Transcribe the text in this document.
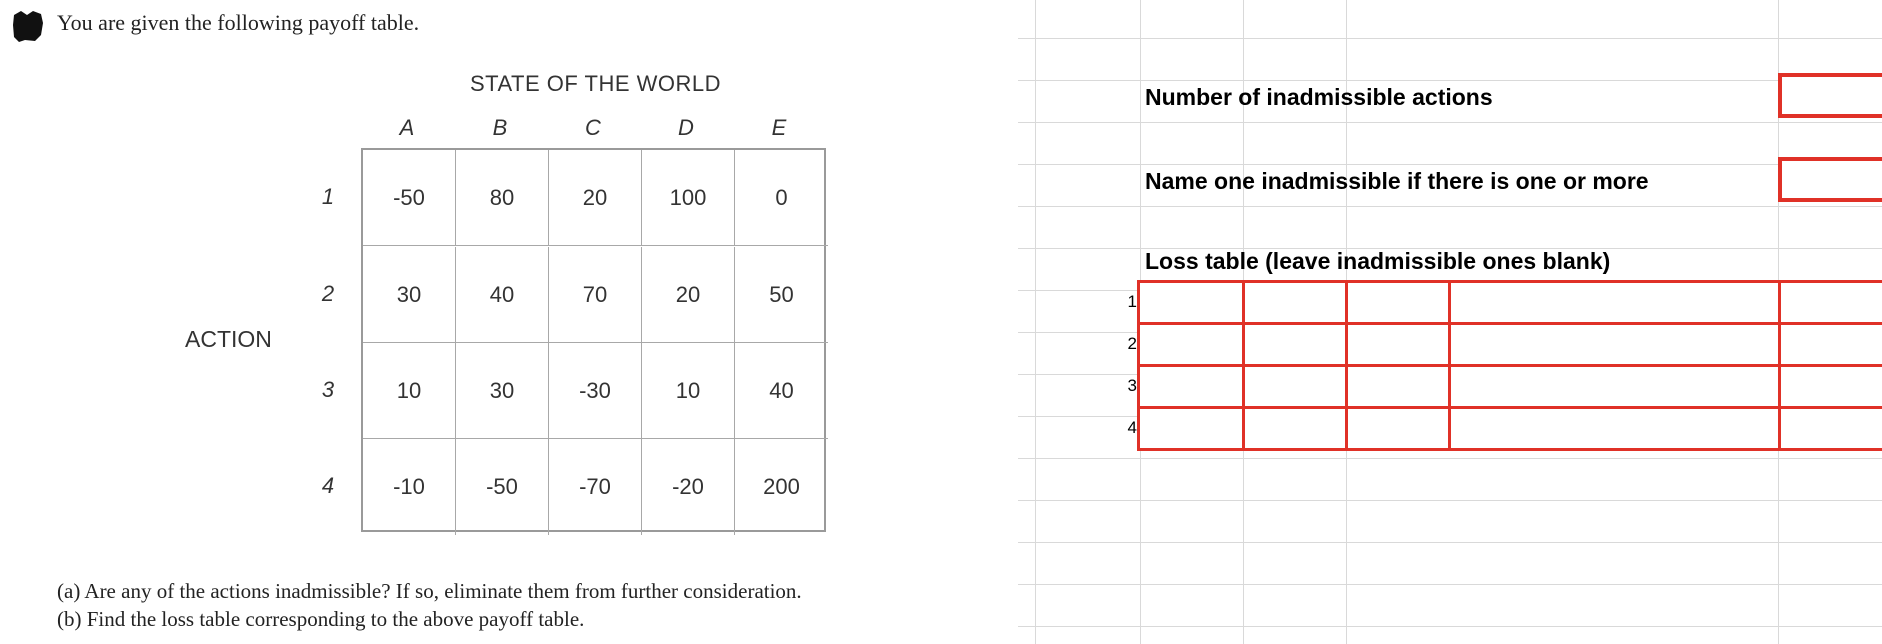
You are given the following payoff table.
STATE OF THE WORLD
A	B	C	D	E
1
2
3
4
ACTION
-50	80	20	100	0
30	40	70	20	50
10	30	-30	10	40
-10	-50	-70	-20	200
(a) Are any of the actions inadmissible? If so, eliminate them from further consideration.
(b) Find the loss table corresponding to the above payoff table.
Number of inadmissible actions
Name one inadmissible if there is one or more
Loss table (leave inadmissible ones blank)
1
2
3
4
